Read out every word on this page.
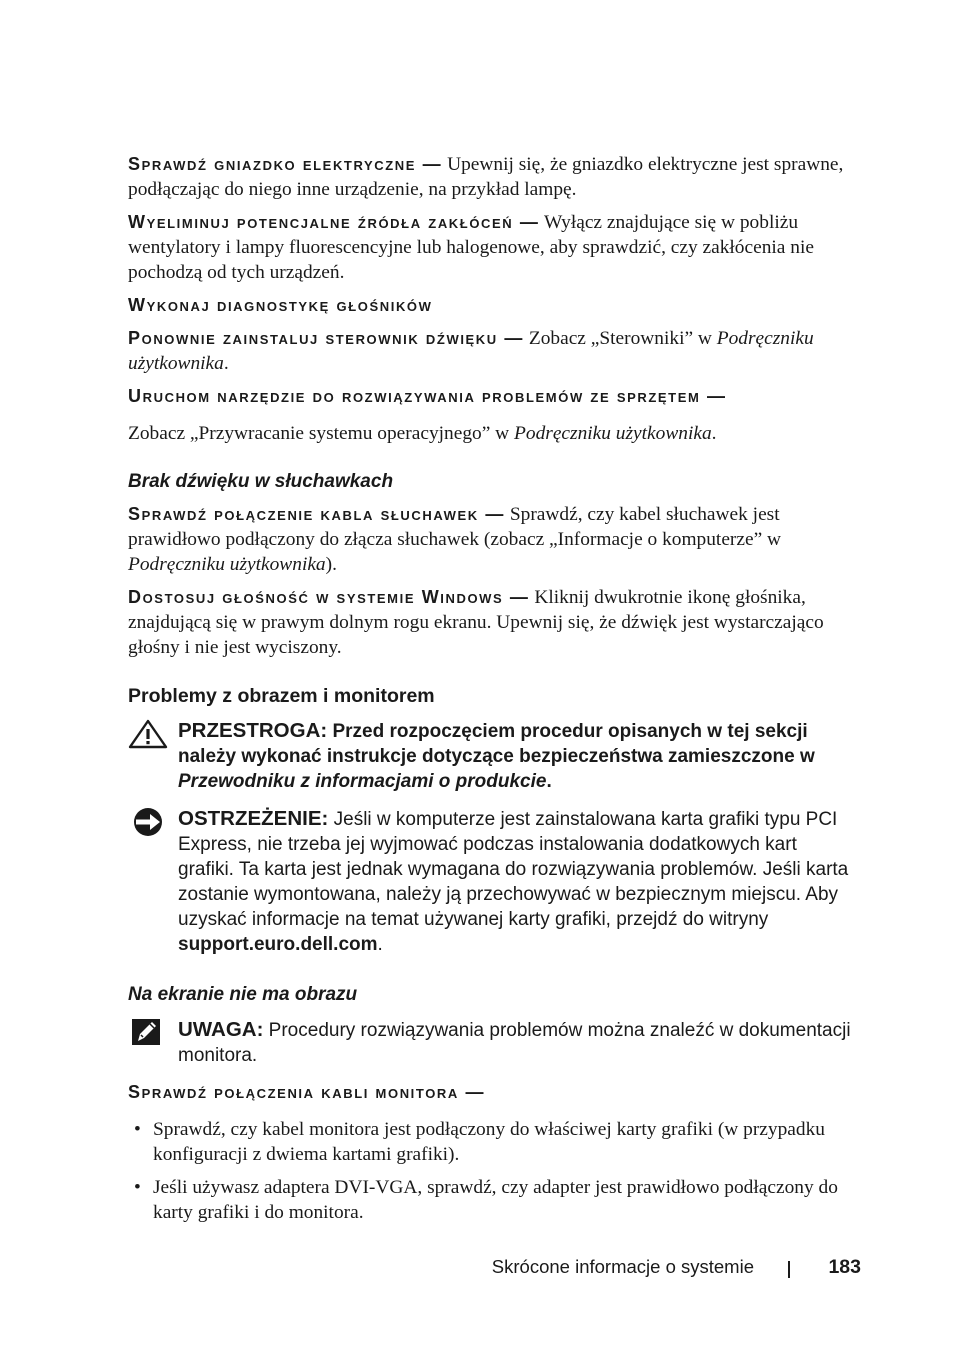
Sprawdź gniazdko elektryczne — Upewnij się, że gniazdko elektryczne jest sprawne, podłączając do niego inne urządzenie, na przykład lampę.

Wyeliminuj potencjalne źródła zakłóceń — Wyłącz znajdujące się w pobliżu wentylatory i lampy fluorescencyjne lub halogenowe, aby sprawdzić, czy zakłócenia nie pochodzą od tych urządzeń.

Wykonaj diagnostykę głośników

Ponownie zainstaluj sterownik dźwięku — Zobacz „Sterowniki” w Podręczniku użytkownika.

Uruchom narzędzie do rozwiązywania problemów ze sprzętem —

Zobacz „Przywracanie systemu operacyjnego” w Podręczniku użytkownika.

Brak dźwięku w słuchawkach

Sprawdź połączenie kabla słuchawek — Sprawdź, czy kabel słuchawek jest prawidłowo podłączony do złącza słuchawek (zobacz „Informacje o komputerze” w Podręczniku użytkownika).

Dostosuj głośność w systemie Windows — Kliknij dwukrotnie ikonę głośnika, znajdującą się w prawym dolnym rogu ekranu. Upewnij się, że dźwięk jest wystarczająco głośny i nie jest wyciszony.

Problemy z obrazem i monitorem
PRZESTROGA: Przed rozpoczęciem procedur opisanych w tej sekcji należy wykonać instrukcje dotyczące bezpieczeństwa zamieszczone w Przewodniku z informacjami o produkcie.
OSTRZEŻENIE: Jeśli w komputerze jest zainstalowana karta grafiki typu PCI Express, nie trzeba jej wyjmować podczas instalowania dodatkowych kart grafiki. Ta karta jest jednak wymagana do rozwiązywania problemów. Jeśli karta zostanie wymontowana, należy ją przechowywać w bezpiecznym miejscu. Aby uzyskać informacje na temat używanej karty grafiki, przejdź do witryny support.euro.dell.com.
Na ekranie nie ma obrazu
UWAGA: Procedury rozwiązywania problemów można znaleźć w dokumentacji monitora.

Sprawdź połączenia kabli monitora —

• Sprawdź, czy kabel monitora jest podłączony do właściwej karty grafiki (w przypadku konfiguracji z dwiema kartami grafiki).
• Jeśli używasz adaptera DVI-VGA, sprawdź, czy adapter jest prawidłowo podłączony do karty grafiki i do monitora.
Skrócone informacje o systemie	183
